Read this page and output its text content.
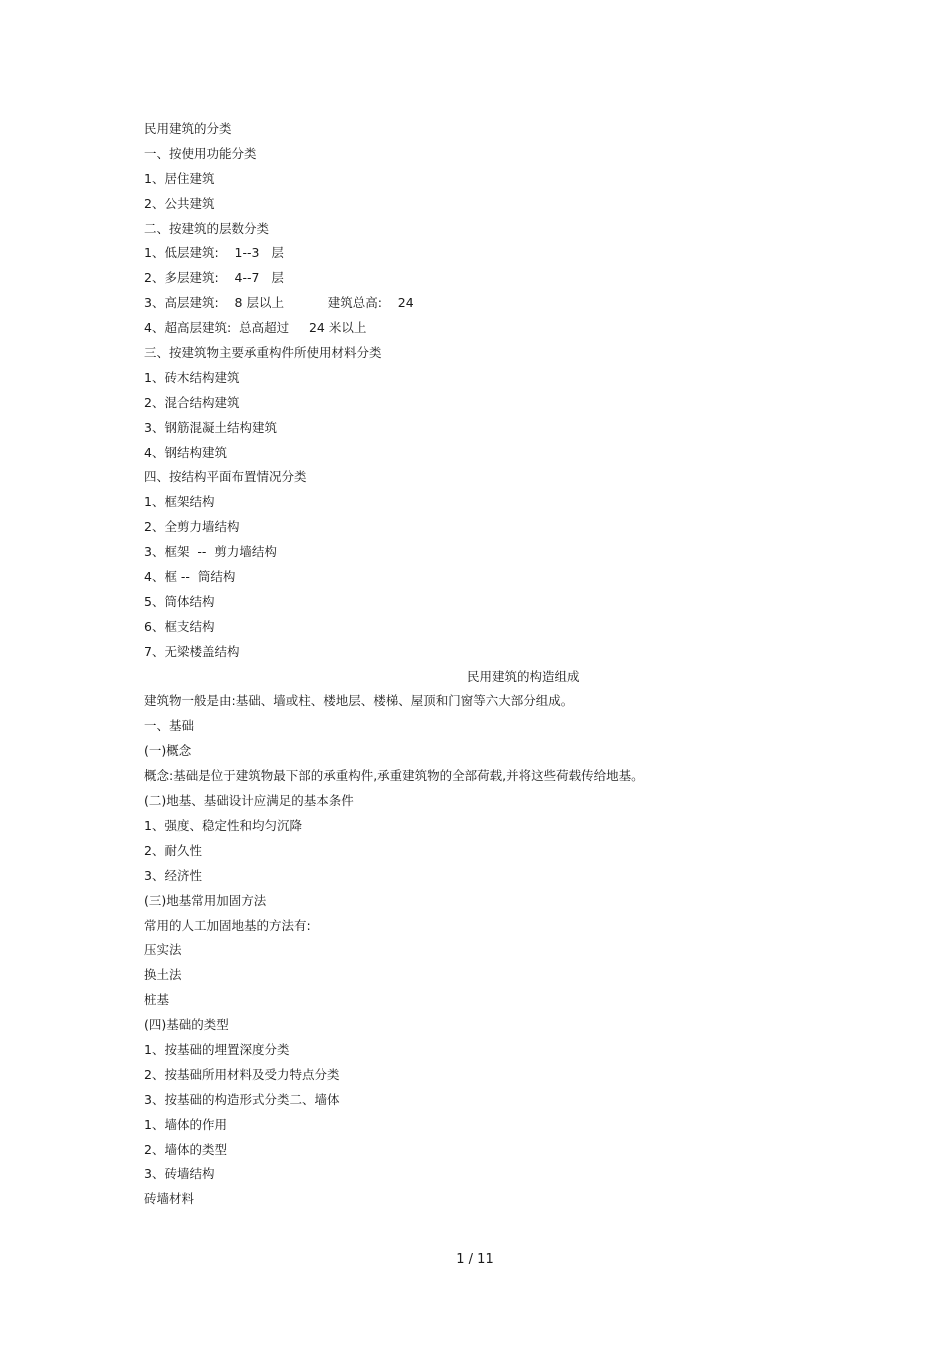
民用建筑的分类
一、按使用功能分类
1、居住建筑
2、公共建筑
二、按建筑的层数分类
1、低层建筑:    1--3   层
2、多层建筑:    4--7   层
3、高层建筑:    8 层以上           建筑总高:    24
4、超高层建筑:  总高超过     24 米以上
三、按建筑物主要承重构件所使用材料分类
1、砖木结构建筑
2、混合结构建筑
3、钢筋混凝土结构建筑
4、钢结构建筑
四、按结构平面布置情况分类
1、框架结构
2、全剪力墙结构
3、框架  --  剪力墙结构
4、框 --  筒结构
5、筒体结构
6、框支结构
7、无梁楼盖结构
民用建筑的构造组成
建筑物一般是由:基础、墙或柱、楼地层、楼梯、屋顶和门窗等六大部分组成。
一、基础
(一)概念
概念:基础是位于建筑物最下部的承重构件,承重建筑物的全部荷载,并将这些荷载传给地基。
(二)地基、基础设计应满足的基本条件
1、强度、稳定性和均匀沉降
2、耐久性
3、经济性
(三)地基常用加固方法
常用的人工加固地基的方法有:
压实法
换土法
桩基
(四)基础的类型
1、按基础的埋置深度分类
2、按基础所用材料及受力特点分类
3、按基础的构造形式分类二、墙体
1、墙体的作用
2、墙体的类型
3、砖墙结构
砖墙材料
1 / 11
